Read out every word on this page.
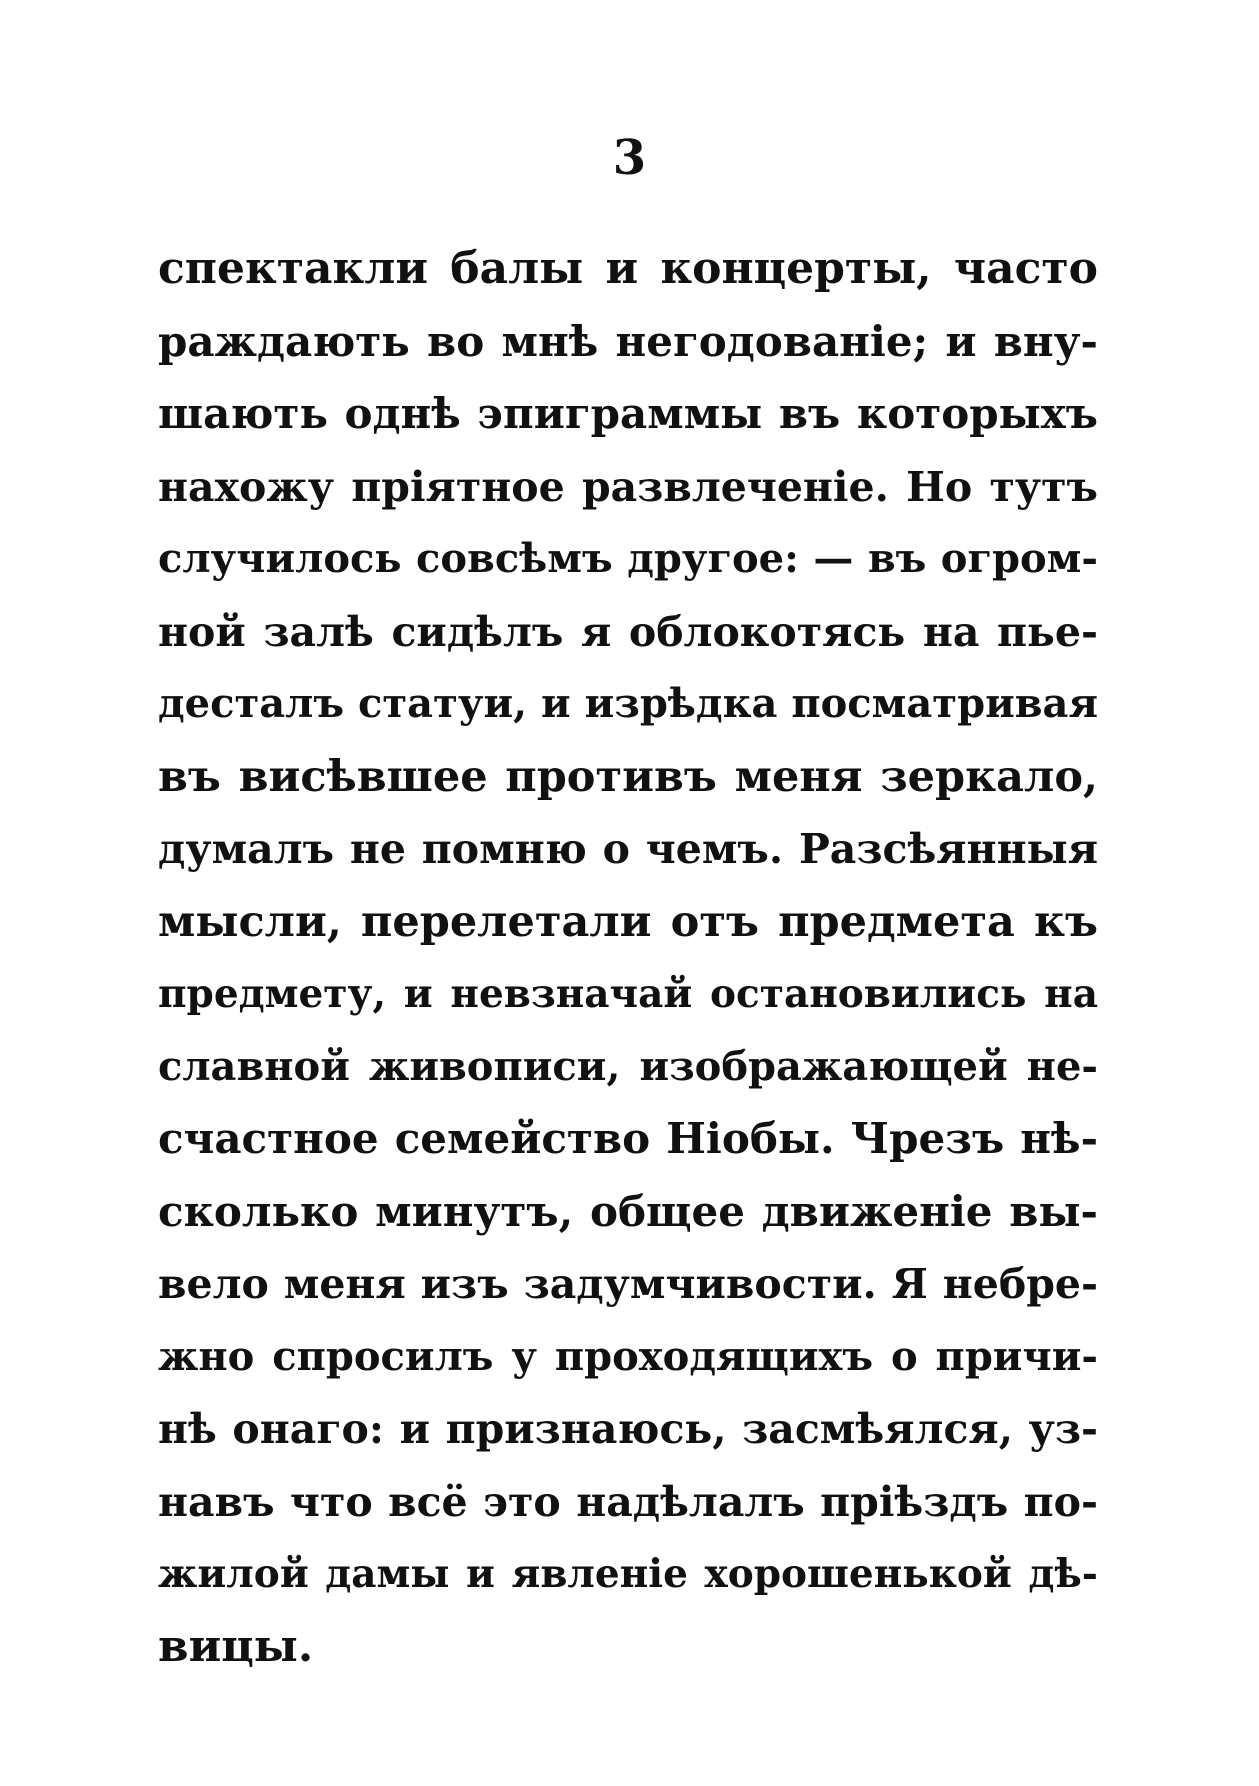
3
спектакли балы и концерты, часто
раждають во мнѣ негодованіе; и вну-
шають однѣ эпиграммы въ которыхъ
нахожу пріятное развлеченіе. Но тутъ
случилось совсѣмъ другое: — въ огром-
ной залѣ сидѣлъ я облокотясь на пье-
десталъ статуи, и изрѣдка посматривая
въ висѣвшее противъ меня зеркало,
думалъ не помню о чемъ. Разсѣянныя
мысли, перелетали отъ предмета къ
предмету, и невзначай остановились на
славной живописи, изображающей не-
счастное семейство Ніобы. Чрезъ нѣ-
сколько минутъ, общее движеніе вы-
вело меня изъ задумчивости. Я небре-
жно спросилъ у проходящихъ о причи-
нѣ онаго: и признаюсь, засмѣялся, уз-
навъ что всё это надѣлалъ пріѣздъ по-
жилой дамы и явленіе хорошенькой дѣ-
вицы.
